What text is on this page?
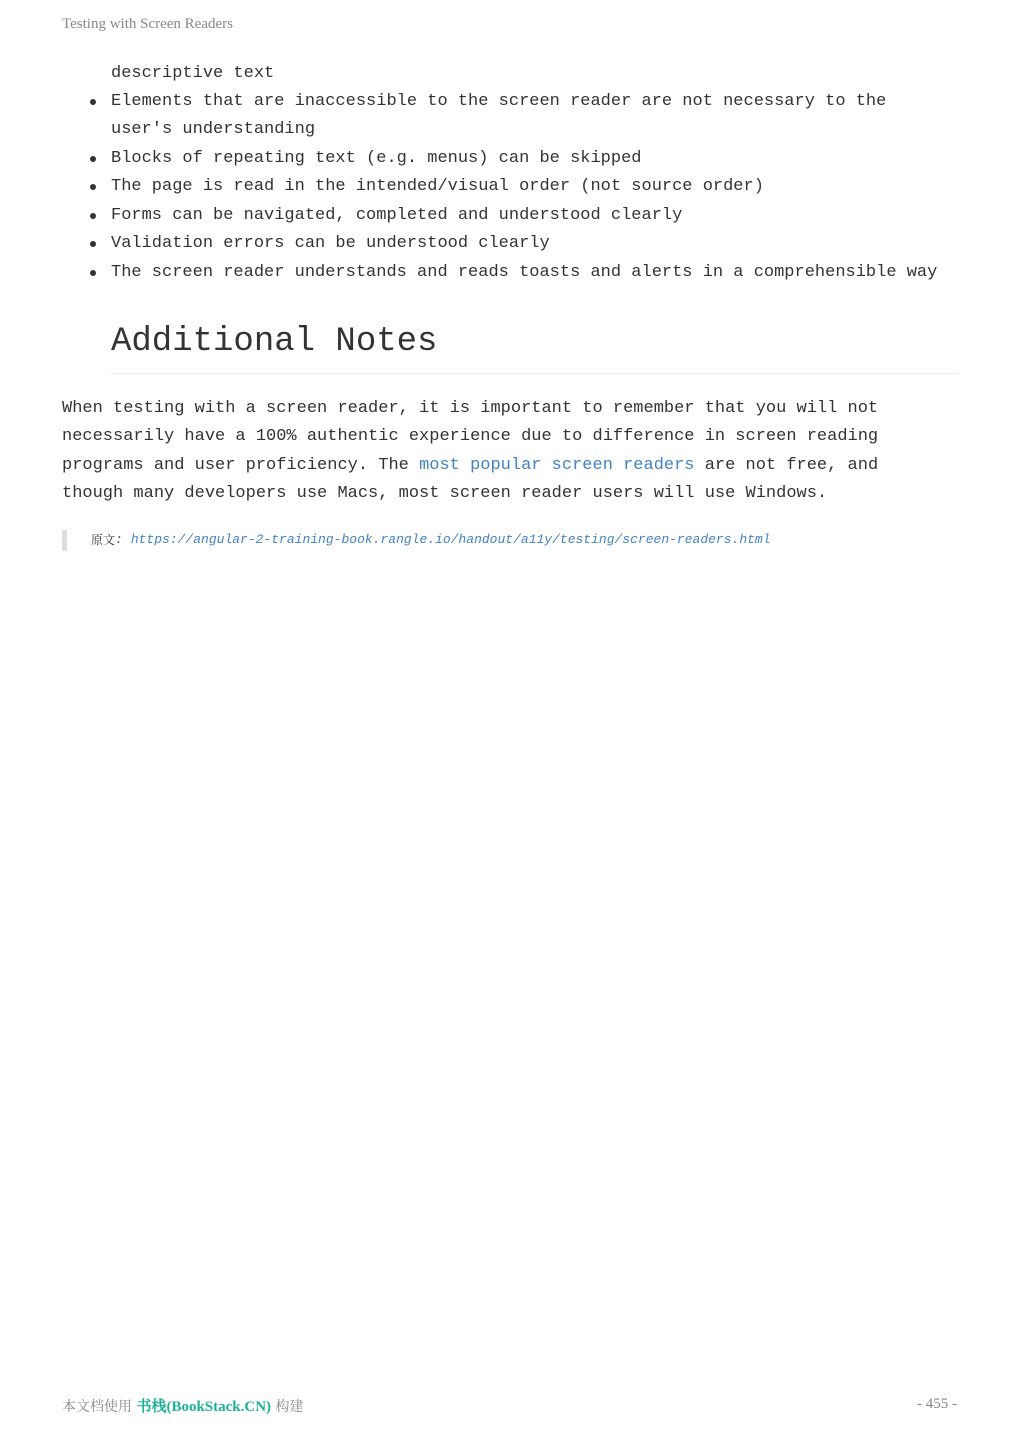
Testing with Screen Readers
descriptive text
Elements that are inaccessible to the screen reader are not necessary to the user's understanding
Blocks of repeating text (e.g. menus) can be skipped
The page is read in the intended/visual order (not source order)
Forms can be navigated, completed and understood clearly
Validation errors can be understood clearly
The screen reader understands and reads toasts and alerts in a comprehensible way
Additional Notes

When testing with a screen reader, it is important to remember that you will not necessarily have a 100% authentic experience due to difference in screen reading programs and user proficiency. The most popular screen readers are not free, and though many developers use Macs, most screen reader users will use Windows.

原文 : https://angular-2-training-book.rangle.io/handout/a11y/testing/screen-readers.html
本文档使用 书栈(BookStack.CN) 构建	- 455 -
